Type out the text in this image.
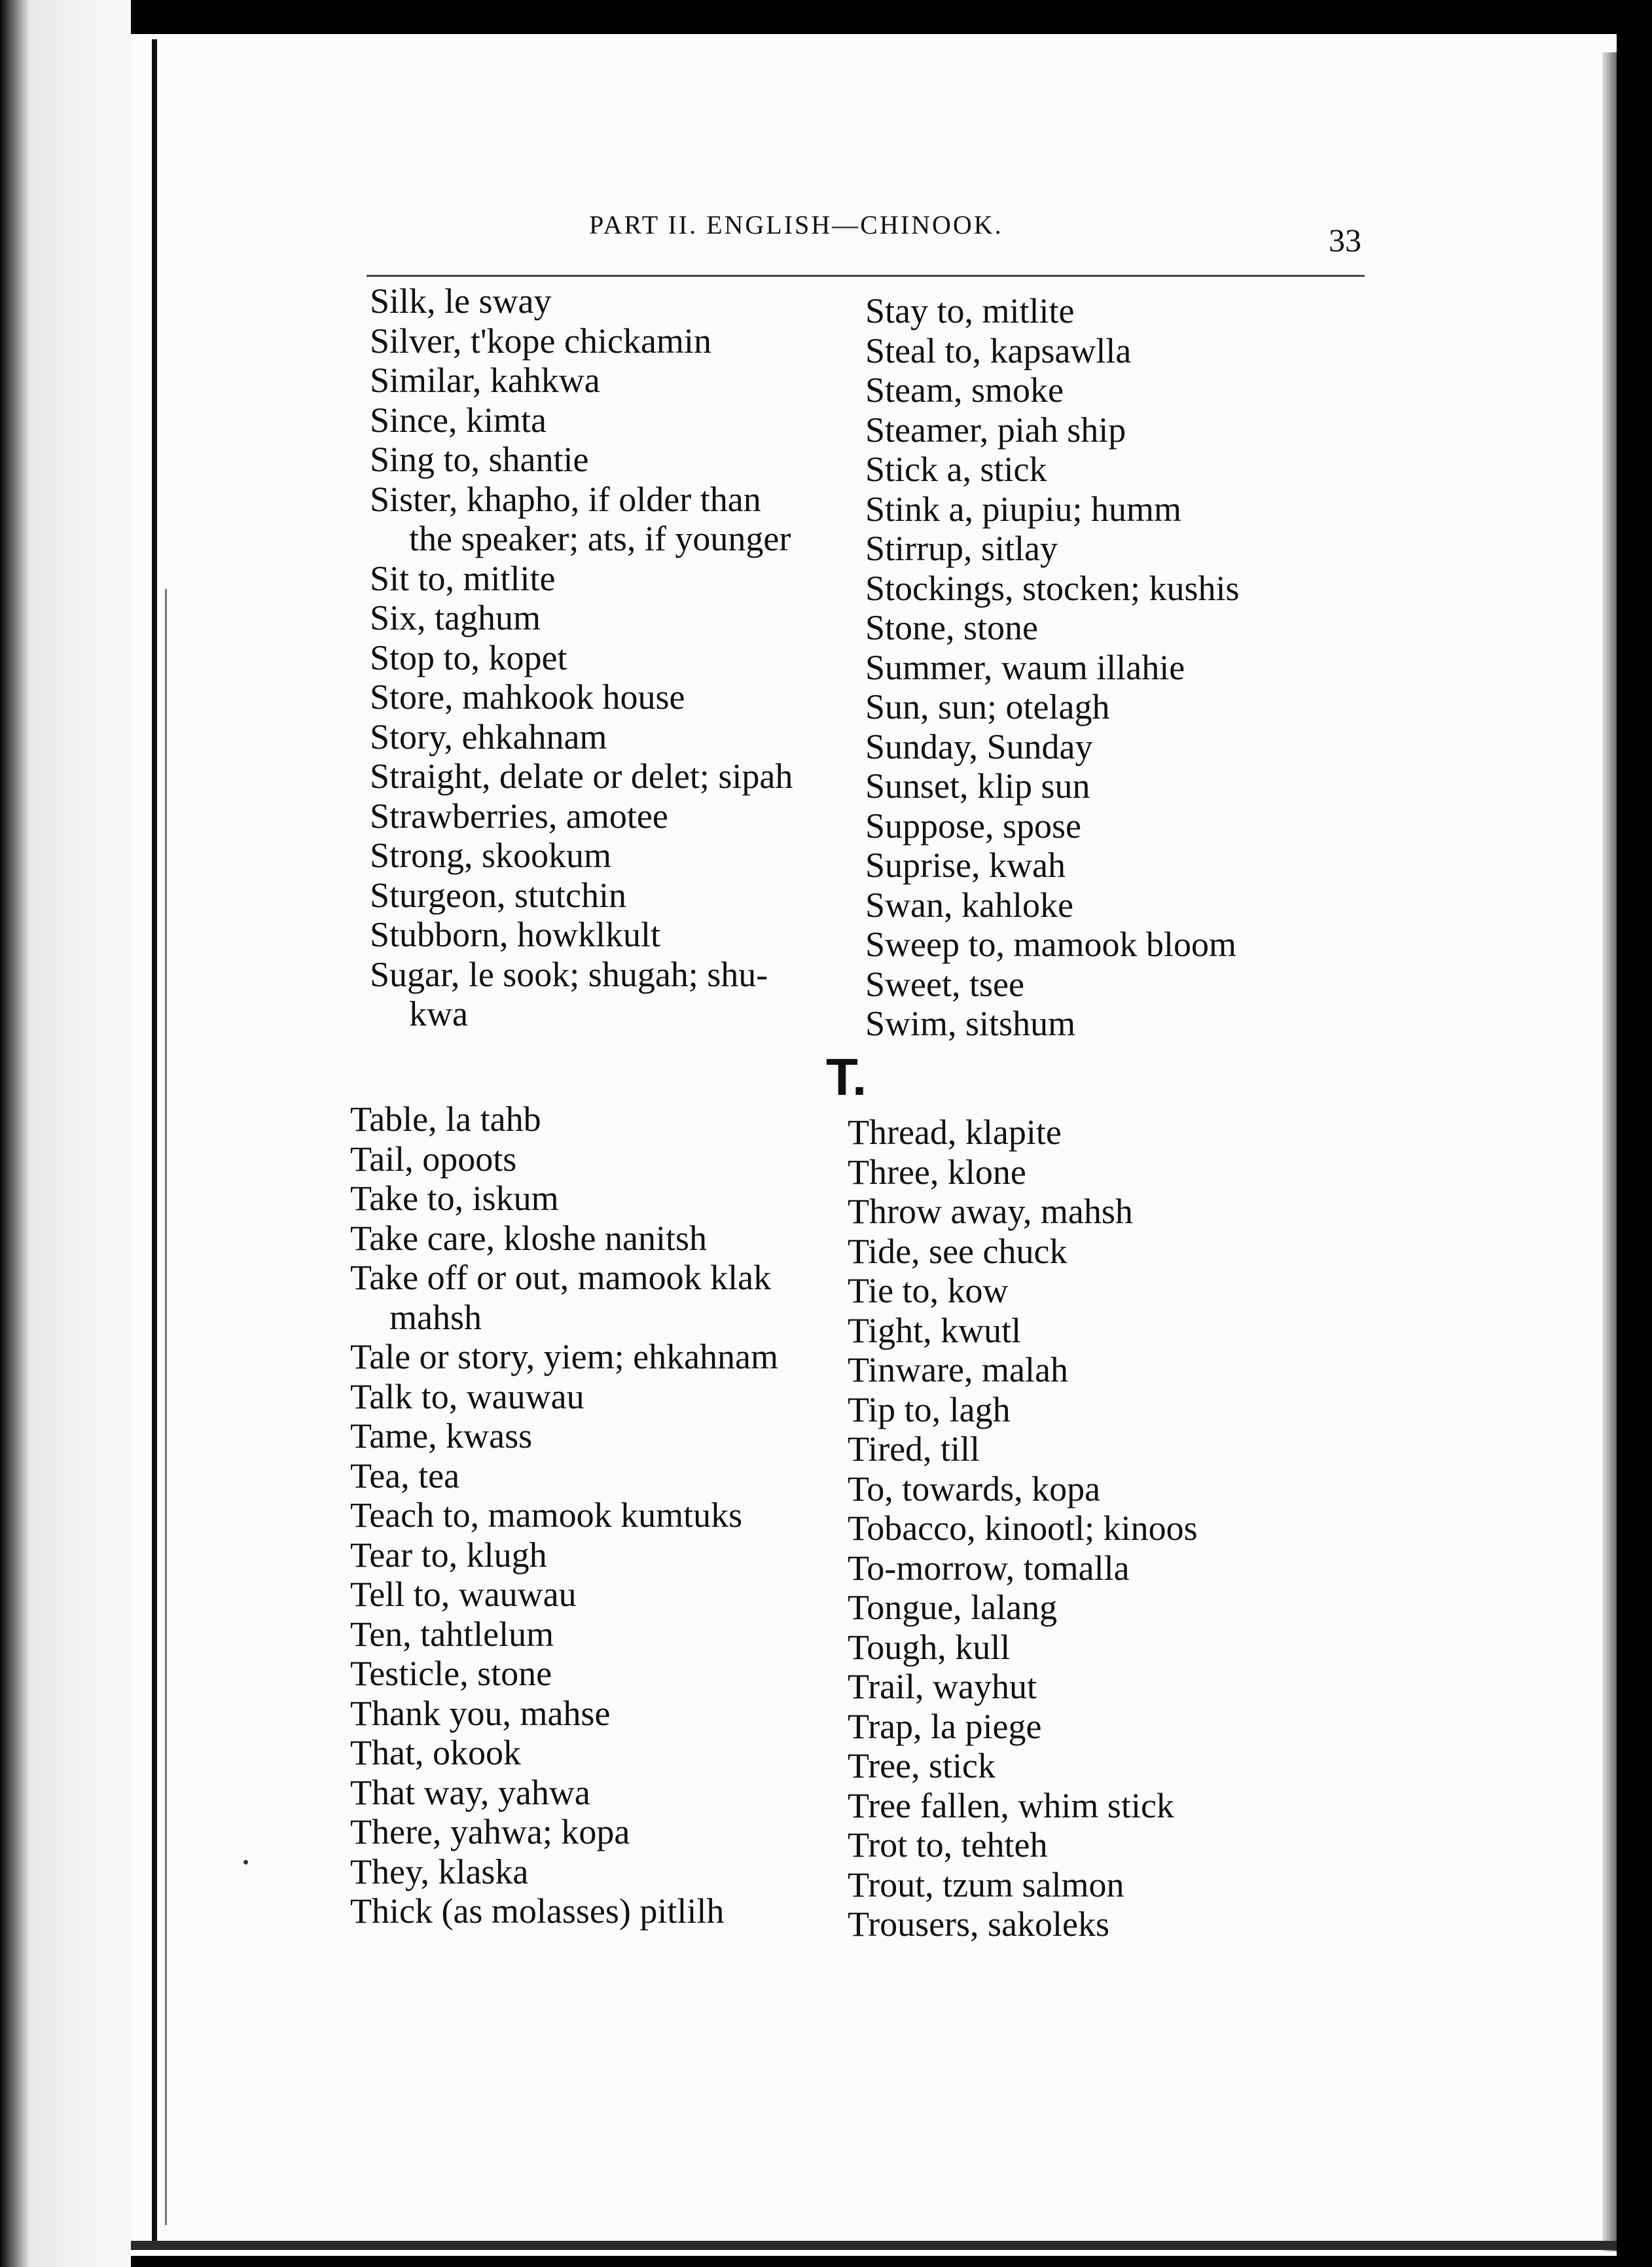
PART II. ENGLISH—CHINOOK.	33
Silk, le sway
Silver, t'kope chickamin
Similar, kahkwa
Since, kimta
Sing to, shantie
Sister, khapho, if older than
the speaker; ats, if younger
Sit to, mitlite
Six, taghum
Stop to, kopet
Store, mahkook house
Story, ehkahnam
Straight, delate or delet; sipah
Strawberries, amotee
Strong, skookum
Sturgeon, stutchin
Stubborn, howklkult
Sugar, le sook; shugah; shu-
kwa
Stay to, mitlite
Steal to, kapsawlla
Steam, smoke
Steamer, piah ship
Stick a, stick
Stink a, piupiu; humm
Stirrup, sitlay
Stockings, stocken; kushis
Stone, stone
Summer, waum illahie
Sun, sun; otelagh
Sunday, Sunday
Sunset, klip sun
Suppose, spose
Suprise, kwah
Swan, kahloke
Sweep to, mamook bloom
Sweet, tsee
Swim, sitshum
T.
Table, la tahb
Tail, opoots
Take to, iskum
Take care, kloshe nanitsh
Take off or out, mamook klak
mahsh
Tale or story, yiem; ehkahnam
Talk to, wauwau
Tame, kwass
Tea, tea
Teach to, mamook kumtuks
Tear to, klugh
Tell to, wauwau
Ten, tahtlelum
Testicle, stone
Thank you, mahse
That, okook
That way, yahwa
There, yahwa; kopa
They, klaska
Thick (as molasses) pitlilh
Thread, klapite
Three, klone
Throw away, mahsh
Tide, see chuck
Tie to, kow
Tight, kwutl
Tinware, malah
Tip to, lagh
Tired, till
To, towards, kopa
Tobacco, kinootl; kinoos
To-morrow, tomalla
Tongue, lalang
Tough, kull
Trail, wayhut
Trap, la piege
Tree, stick
Tree fallen, whim stick
Trot to, tehteh
Trout, tzum salmon
Trousers, sakoleks
